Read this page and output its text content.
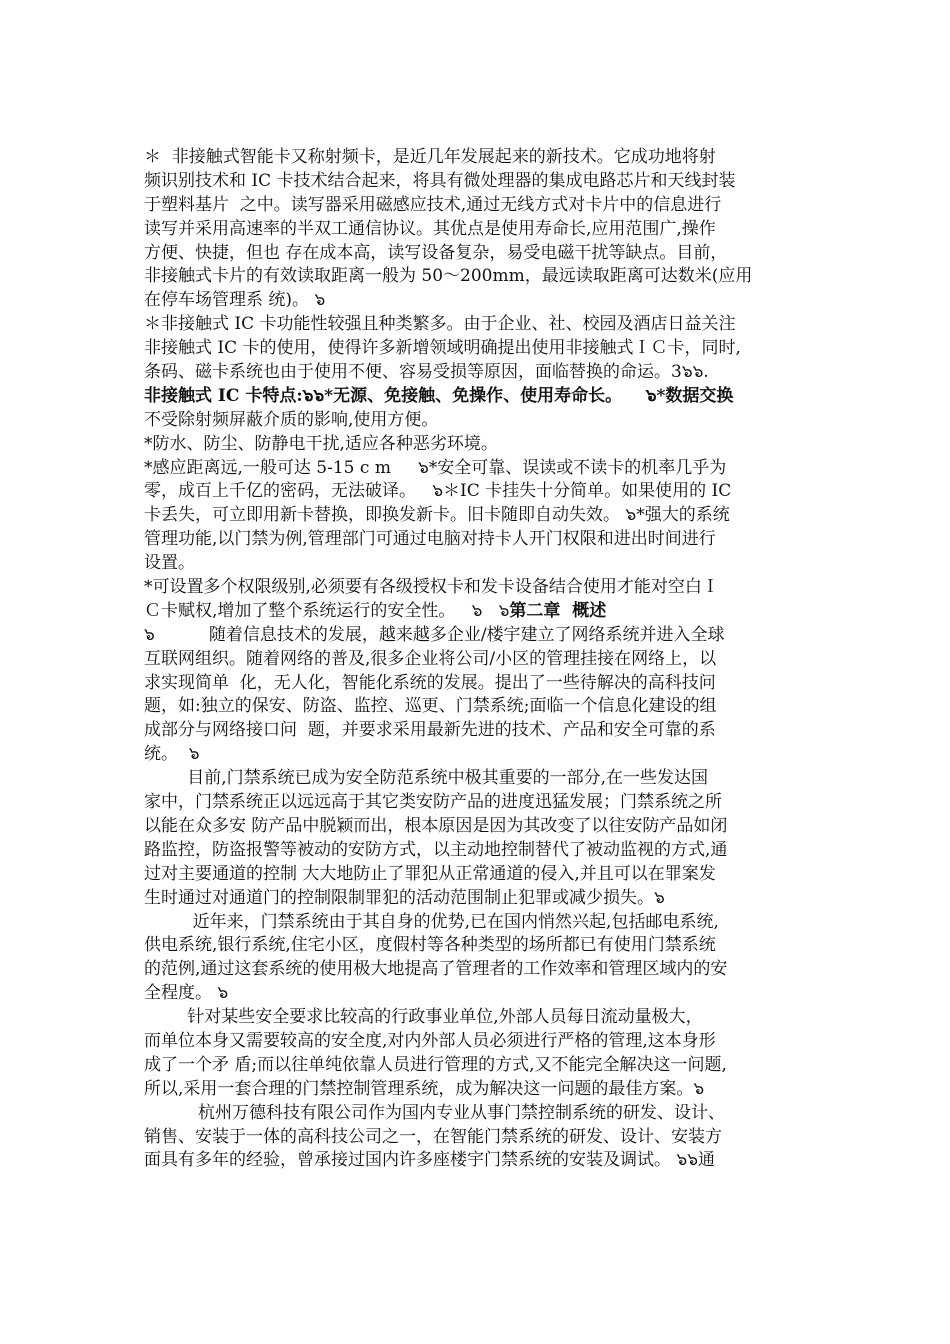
＊  非接触式智能卡又称射频卡，是近几年发展起来的新技术。它成功地将射
频识别技术和 IC 卡技术结合起来，将具有微处理器的集成电路芯片和天线封装
于塑料基片  之中。读写器采用磁感应技术,通过无线方式对卡片中的信息进行
读写并采用高速率的半双工通信协议。其优点是使用寿命长,应用范围广,操作
方便、快捷，但也 存在成本高，读写设备复杂，易受电磁干扰等缺点。目前，
非接触式卡片的有效读取距离一般为 50～200mm，最远读取距离可达数米(应用
在停车场管理系 统)。 ๖
＊非接触式 IC 卡功能性较强且种类繁多。由于企业、社、校园及酒店日益关注
非接触式 IC 卡的使用，使得许多新增领域明确提出使用非接触式ＩＣ卡，同时,
条码、磁卡系统也由于使用不便、容易受损等原因，面临替换的命运。3๖๖.
非接触式 IC 卡特点:๖๖*无源、免接触、免操作、使用寿命长。    ๖*数据交换
不受除射频屏蔽介质的影响,使用方便。
*防水、防尘、防静电干扰,适应各种恶劣环境。
*感应距离远,一般可达 5-15 c m     ๖*安全可靠、误读或不读卡的机率几乎为
零，成百上千亿的密码，无法破译。   ๖＊IC 卡挂失十分简单。如果使用的 IC
卡丢失，可立即用新卡替换，即换发新卡。旧卡随即自动失效。 ๖*强大的系统
管理功能,以门禁为例,管理部门可通过电脑对持卡人开门权限和进出时间进行
设置。
*可设置多个权限级别,必须要有各级授权卡和发卡设备结合使用才能对空白Ｉ
Ｃ卡赋权,增加了整个系统运行的安全性。   ๖   ๖第二章  概述
๖          随着信息技术的发展，越来越多企业/楼宇建立了网络系统并进入全球
互联网组织。随着网络的普及,很多企业将公司/小区的管理挂接在网络上，以
求实现简单  化，无人化，智能化系统的发展。提出了一些待解决的高科技问
题，如:独立的保安、防盗、监控、巡更、门禁系统;面临一个信息化建设的组
成部分与网络接口问  题，并要求采用最新先进的技术、产品和安全可靠的系
统。  ๖
目前,门禁系统已成为安全防范系统中极其重要的一部分,在一些发达国
家中，门禁系统正以远远高于其它类安防产品的进度迅猛发展；门禁系统之所
以能在众多安 防产品中脱颖而出，根本原因是因为其改变了以往安防产品如闭
路监控，防盗报警等被动的安防方式，以主动地控制替代了被动监视的方式,通
过对主要通道的控制 大大地防止了罪犯从正常通道的侵入,并且可以在罪案发
生时通过对通道门的控制限制罪犯的活动范围制止犯罪或减少损失。๖
近年来，门禁系统由于其自身的优势,已在国内悄然兴起,包括邮电系统,
供电系统,银行系统,住宅小区，度假村等各种类型的场所都已有使用门禁系统
的范例,通过这套系统的使用极大地提高了管理者的工作效率和管理区域内的安
全程度。 ๖
针对某些安全要求比较高的行政事业单位,外部人员每日流动量极大，
而单位本身又需要较高的安全度,对内外部人员必须进行严格的管理,这本身形
成了一个矛 盾;而以往单纯依靠人员进行管理的方式,又不能完全解决这一问题,
所以,采用一套合理的门禁控制管理系统，成为解决这一问题的最佳方案。๖
杭州万德科技有限公司作为国内专业从事门禁控制系统的研发、设计、
销售、安装于一体的高科技公司之一，在智能门禁系统的研发、设计、安装方
面具有多年的经验，曾承接过国内许多座楼宇门禁系统的安装及调试。 ๖๖通
